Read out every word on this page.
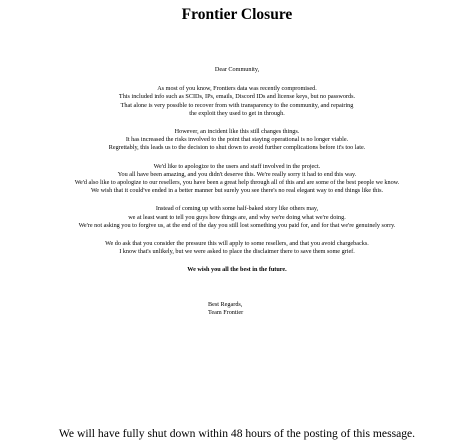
Frontier Closure
Dear Community,
As most of you know, Frontiers data was recently compromised.
This included info such as SCIDs, IPs, emails, Discord IDs and license keys, but no passwords.
That alone is very possible to recover from with transparency to the community, and repairing
the exploit they used to get in through.
However, an incident like this still changes things.
It has increased the risks involved to the point that staying operational is no longer viable.
Regrettably, this leads us to the decision to shut down to avoid further complications before it's too late.
We'd like to apologize to the users and staff involved in the project.
You all have been amazing, and you didn't deserve this. We're really sorry it had to end this way.
We'd also like to apologize to our resellers, you have been a great help through all of this and are some of the best people we know.
We wish that it could've ended in a better manner but surely you see there's no real elegant way to end things like this.
Instead of coming up with some half-baked story like others may,
we at least want to tell you guys how things are, and why we're doing what we're doing.
We're not asking you to forgive us, at the end of the day you still lost something you paid for, and for that we're genuinely sorry.
We do ask that you consider the pressure this will apply to some resellers, and that you avoid chargebacks.
I know that's unlikely, but we were asked to place the disclaimer there to save them some grief.
We wish you all the best in the future.
Best Regards,
Team Frontier
We will have fully shut down within 48 hours of the posting of this message.
